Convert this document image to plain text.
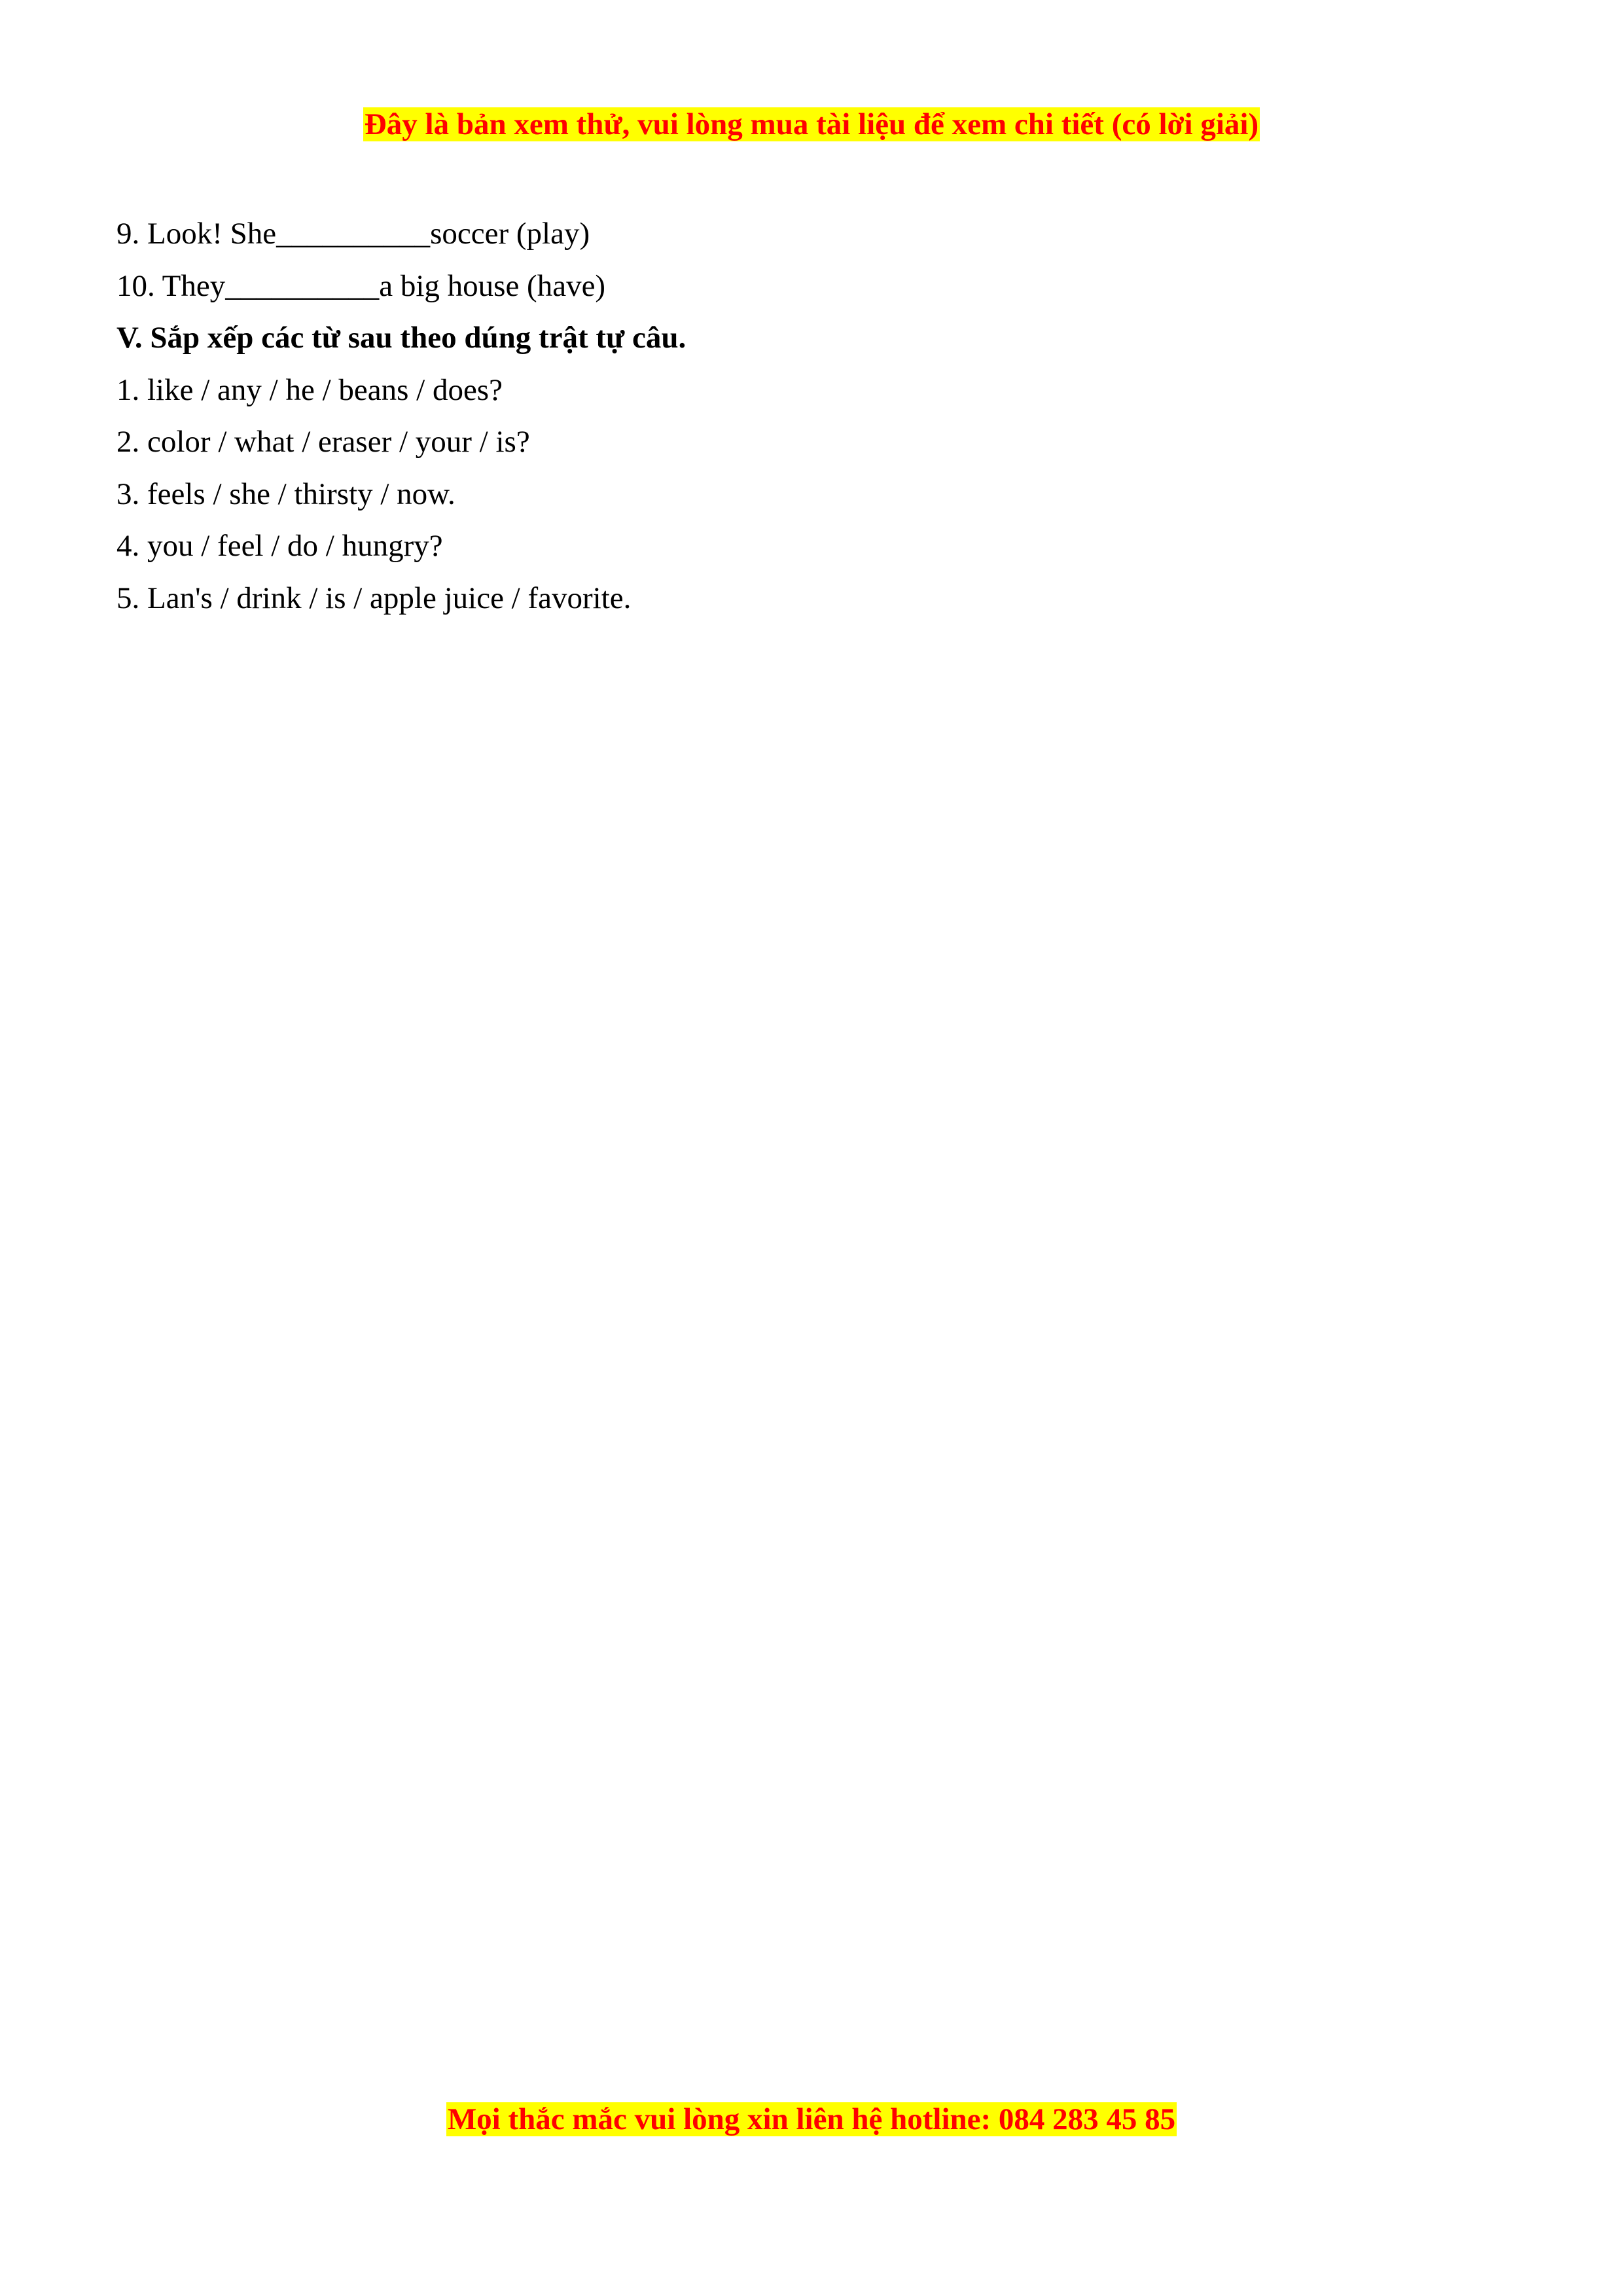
Đây là bản xem thử, vui lòng mua tài liệu để xem chi tiết (có lời giải)
9. Look! She__________soccer (play)
10. They__________a big house (have)
V. Sắp xếp các từ sau theo dúng trật tự câu.
1. like / any / he / beans / does?
2. color / what / eraser / your / is?
3. feels / she / thirsty / now.
4. you / feel / do / hungry?
5. Lan's / drink / is / apple juice / favorite.
Mọi thắc mắc vui lòng xin liên hệ hotline: 084 283 45 85
